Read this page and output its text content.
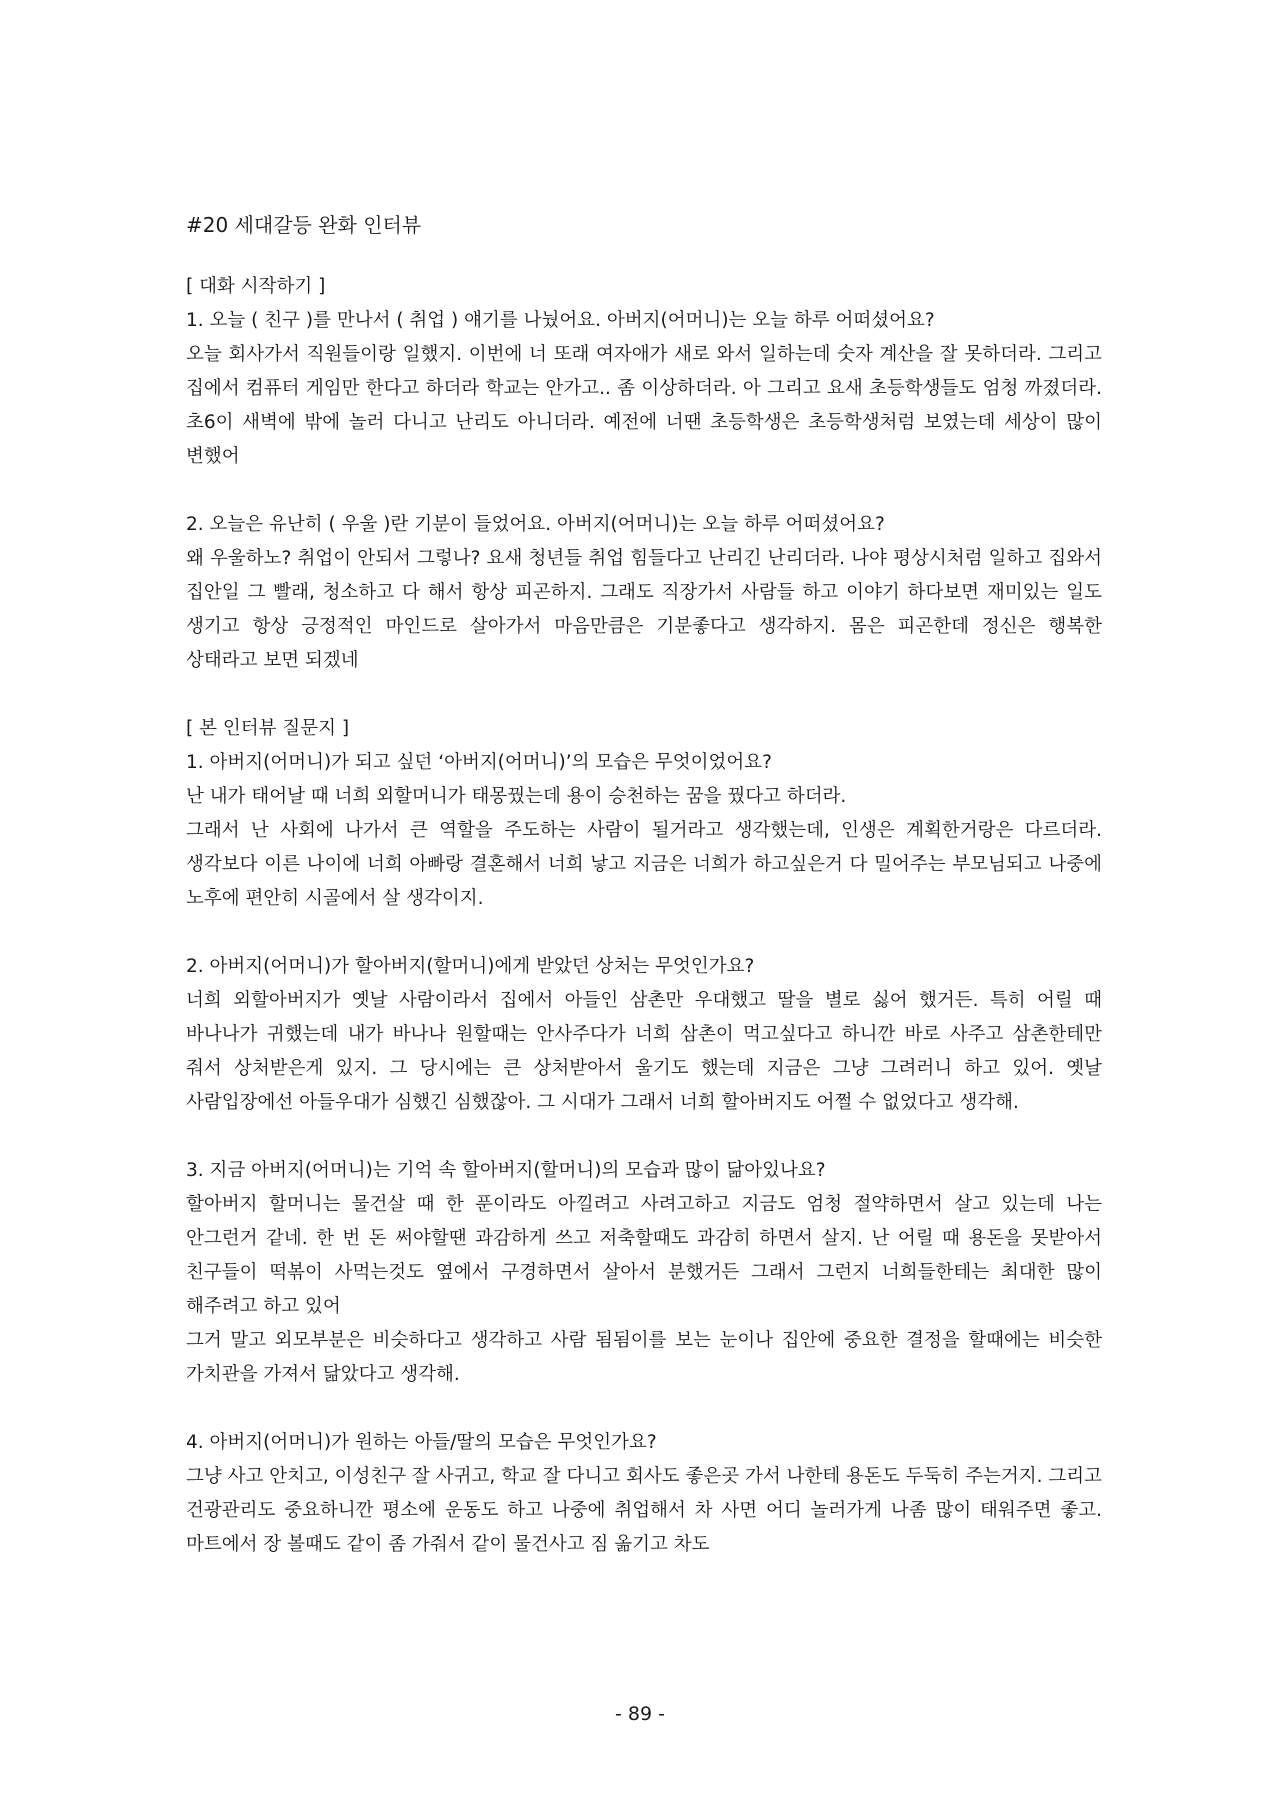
#20 세대갈등 완화 인터뷰

[ 대화 시작하기 ]

1. 오늘 ( 친구 )를 만나서 ( 취업 ) 얘기를 나눴어요. 아버지(어머니)는 오늘 하루 어떠셨어요?

오늘 회사가서 직원들이랑 일했지. 이번에 너 또래 여자애가 새로 와서 일하는데 숫자 계산을 잘 못하더라. 그리고 집에서 컴퓨터 게임만 한다고 하더라 학교는 안가고.. 좀 이상하더라. 아 그리고 요새 초등학생들도 엄청 까졌더라. 초6이 새벽에 밖에 놀러 다니고 난리도 아니더라. 예전에 너땐 초등학생은 초등학생처럼 보였는데 세상이 많이 변했어

2. 오늘은 유난히 ( 우울 )란 기분이 들었어요. 아버지(어머니)는 오늘 하루 어떠셨어요?

왜 우울하노? 취업이 안되서 그렇나? 요새 청년들 취업 힘들다고 난리긴 난리더라. 나야 평상시처럼 일하고 집와서 집안일 그 빨래, 청소하고 다 해서 항상 피곤하지. 그래도 직장가서 사람들 하고 이야기 하다보면 재미있는 일도 생기고 항상 긍정적인 마인드로 살아가서 마음만큼은 기분좋다고 생각하지. 몸은 피곤한데 정신은 행복한 상태라고 보면 되겠네

[ 본 인터뷰 질문지 ]

1. 아버지(어머니)가 되고 싶던 ‘아버지(어머니)’의 모습은 무엇이었어요?

난 내가 태어날 때 너희 외할머니가 태몽꿨는데 용이 승천하는 꿈을 꿨다고 하더라.
그래서 난 사회에 나가서 큰 역할을 주도하는 사람이 될거라고 생각했는데, 인생은 계획한거랑은 다르더라. 생각보다 이른 나이에 너희 아빠랑 결혼해서 너희 낳고 지금은 너희가 하고싶은거 다 밀어주는 부모님되고 나중에 노후에 편안히 시골에서 살 생각이지.

2. 아버지(어머니)가 할아버지(할머니)에게 받았던 상처는 무엇인가요?

너희 외할아버지가 옛날 사람이라서 집에서 아들인 삼촌만 우대했고 딸을 별로 싫어 했거든. 특히 어릴 때 바나나가 귀했는데 내가 바나나 원할때는 안사주다가 너희 삼촌이 먹고싶다고 하니깐 바로 사주고 삼촌한테만 줘서 상처받은게 있지. 그 당시에는 큰 상처받아서 울기도 했는데 지금은 그냥 그려러니 하고 있어. 옛날 사람입장에선 아들우대가 심했긴 심했잖아. 그 시대가 그래서 너희 할아버지도 어쩔 수 없었다고 생각해.

3. 지금 아버지(어머니)는 기억 속 할아버지(할머니)의 모습과 많이 닮아있나요?

할아버지 할머니는 물건살 때 한 푼이라도 아낄려고 사려고하고 지금도 엄청 절약하면서 살고 있는데 나는 안그런거 같네. 한 번 돈 써야할땐 과감하게 쓰고 저축할때도 과감히 하면서 살지. 난 어릴 때 용돈을 못받아서 친구들이 떡볶이 사먹는것도 옆에서 구경하면서 살아서 분했거든 그래서 그런지 너희들한테는 최대한 많이 해주려고 하고 있어
그거 말고 외모부분은 비슷하다고 생각하고 사람 됨됨이를 보는 눈이나 집안에 중요한 결정을 할때에는 비슷한 가치관을 가져서 닮았다고 생각해.

4. 아버지(어머니)가 원하는 아들/딸의 모습은 무엇인가요?

그냥 사고 안치고, 이성친구 잘 사귀고, 학교 잘 다니고 회사도 좋은곳 가서 나한테 용돈도 두둑히 주는거지. 그리고 건광관리도 중요하니깐 평소에 운동도 하고 나중에 취업해서 차 사면 어디 놀러가게 나좀 많이 태워주면 좋고. 마트에서 장 볼때도 같이 좀 가줘서 같이 물건사고 짐 옮기고 차도

- 89 -
